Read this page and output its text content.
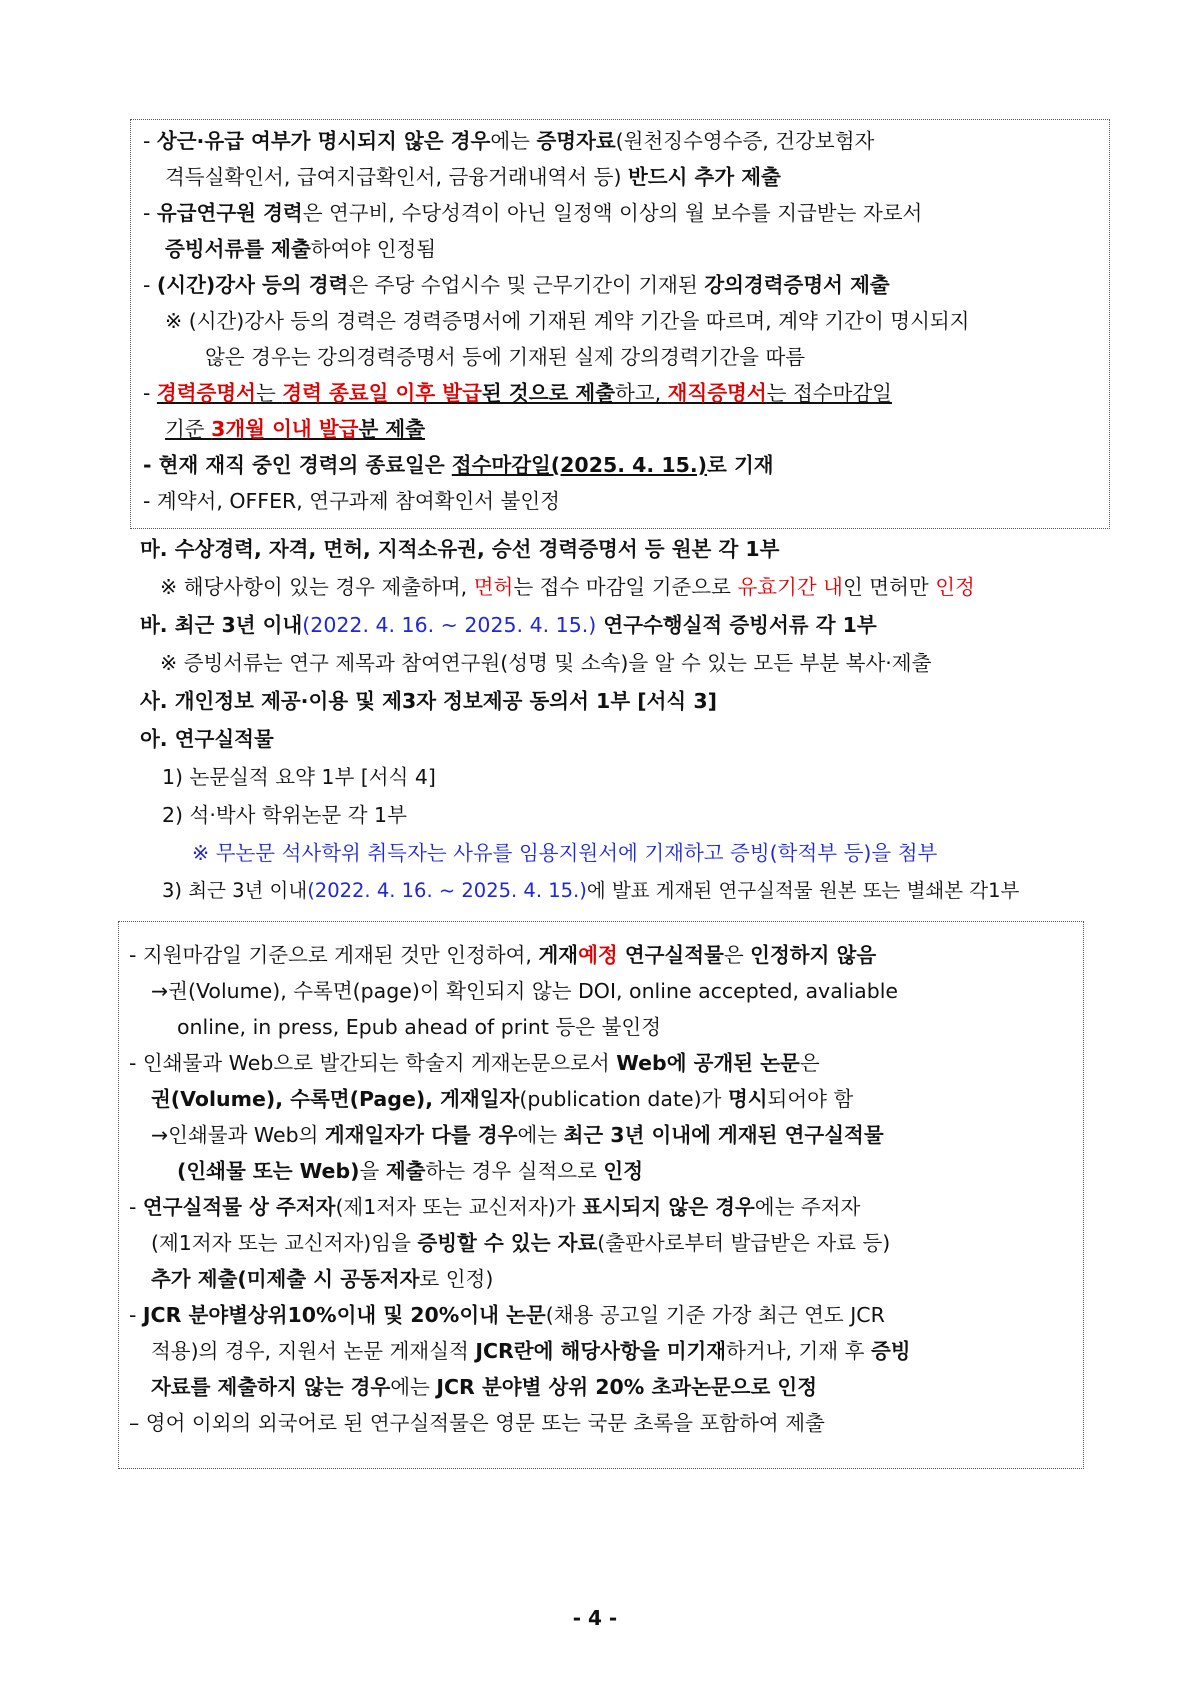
- 상근·유급 여부가 명시되지 않은 경우에는 증명자료(원천징수영수증, 건강보험자
격득실확인서, 급여지급확인서, 금융거래내역서 등) 반드시 추가 제출
- 유급연구원 경력은 연구비, 수당성격이 아닌 일정액 이상의 월 보수를 지급받는 자로서
증빙서류를 제출하여야 인정됨
- (시간)강사 등의 경력은 주당 수업시수 및 근무기간이 기재된 강의경력증명서 제출
※ (시간)강사 등의 경력은 경력증명서에 기재된 계약 기간을 따르며, 계약 기간이 명시되지
않은 경우는 강의경력증명서 등에 기재된 실제 강의경력기간을 따름
- 경력증명서는 경력 종료일 이후 발급된 것으로 제출하고, 재직증명서는 접수마감일
기준 3개월 이내 발급분 제출
- 현재 재직 중인 경력의 종료일은 접수마감일(2025. 4. 15.)로 기재
- 계약서, OFFER, 연구과제 참여확인서 불인정
마. 수상경력, 자격, 면허, 지적소유권, 승선 경력증명서 등 원본 각 1부
※ 해당사항이 있는 경우 제출하며, 면허는 접수 마감일 기준으로 유효기간 내인 면허만 인정
바. 최근 3년 이내(2022. 4. 16. ~ 2025. 4. 15.) 연구수행실적 증빙서류 각 1부
※ 증빙서류는 연구 제목과 참여연구원(성명 및 소속)을 알 수 있는 모든 부분 복사·제출
사. 개인정보 제공·이용 및 제3자 정보제공 동의서 1부 [서식 3]
아. 연구실적물
1) 논문실적 요약 1부 [서식 4]
2) 석·박사 학위논문 각 1부
※ 무논문 석사학위 취득자는 사유를 임용지원서에 기재하고 증빙(학적부 등)을 첨부
3) 최근 3년 이내(2022. 4. 16. ~ 2025. 4. 15.)에 발표 게재된 연구실적물 원본 또는 별쇄본 각1부
- 지원마감일 기준으로 게재된 것만 인정하여, 게재예정 연구실적물은 인정하지 않음
→권(Volume), 수록면(page)이 확인되지 않는 DOI, online accepted, avaliable
online, in press, Epub ahead of print 등은 불인정
- 인쇄물과 Web으로 발간되는 학술지 게재논문으로서 Web에 공개된 논문은
권(Volume), 수록면(Page), 게재일자(publication date)가 명시되어야 함
→인쇄물과 Web의 게재일자가 다를 경우에는 최근 3년 이내에 게재된 연구실적물
(인쇄물 또는 Web)을 제출하는 경우 실적으로 인정
- 연구실적물 상 주저자(제1저자 또는 교신저자)가 표시되지 않은 경우에는 주저자
(제1저자 또는 교신저자)임을 증빙할 수 있는 자료(출판사로부터 발급받은 자료 등)
추가 제출(미제출 시 공동저자로 인정)
- JCR 분야별상위10%이내 및 20%이내 논문(채용 공고일 기준 가장 최근 연도 JCR
적용)의 경우, 지원서 논문 게재실적 JCR란에 해당사항을 미기재하거나, 기재 후 증빙
자료를 제출하지 않는 경우에는 JCR 분야별 상위 20% 초과논문으로 인정
– 영어 이외의 외국어로 된 연구실적물은 영문 또는 국문 초록을 포함하여 제출
- 4 -
